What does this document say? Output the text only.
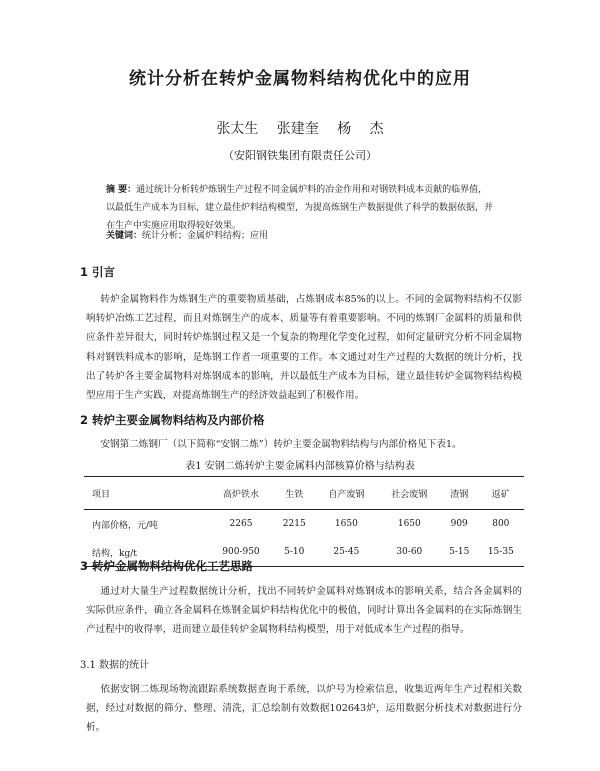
统计分析在转炉金属物料结构优化中的应用
张太生 张建奎 杨 杰
（安阳钢铁集团有限责任公司）
摘 要：通过统计分析转炉炼钢生产过程不同金属炉料的冶金作用和对钢铁料成本贡献的临界值，以最低生产成本为目标，建立最佳炉料结构模型，为提高炼钢生产数据提供了科学的数据依据，并在生产中实施应用取得较好效果。
关键词：统计分析；金属炉料结构；应用
1 引言
转炉金属物料作为炼钢生产的重要物质基础，占炼钢成本85%的以上。不同的金属物料结构不仅影响转炉冶炼工艺过程，而且对炼钢生产的成本、质量等有着重要影响。不同的炼钢厂金属料的质量和供应条件差异很大，同时转炉炼钢过程又是一个复杂的物理化学变化过程，如何定量研究分析不同金属物料对钢铁料成本的影响，是炼钢工作者一项重要的工作。本文通过对生产过程的大数据的统计分析，找出了转炉各主要金属物料对炼钢成本的影响，并以最低生产成本为目标，建立最佳转炉金属物料结构模型应用于生产实践，对提高炼钢生产的经济效益起到了积极作用。
2 转炉主要金属物料结构及内部价格
安钢第二炼钢厂（以下简称“安钢二炼”）转炉主要金属物料结构与内部价格见下表1。
表1 安钢二炼转炉主要金属料内部核算价格与结构表
项目	高炉铁水	生铁	自产废钢	社会废钢	渣钢	返矿
内部价格，元/吨	2265	2215	1650	1650	909	800
结构，kg/t	900-950	5-10	25-45	30-60	5-15	15-35
3 转炉金属物料结构优化工艺思路
通过对大量生产过程数据统计分析，找出不同转炉金属料对炼钢成本的影响关系，结合各金属料的实际供应条件，确立各金属料在炼钢金属炉料结构优化中的极值，同时计算出各金属料的在实际炼钢生产过程中的收得率，进而建立最佳转炉金属物料结构模型，用于对低成本生产过程的指导。
3.1 数据的统计
依据安钢二炼现场物流跟踪系统数据查询于系统，以炉号为检索信息，收集近两年生产过程相关数据，经过对数据的筛分、整理、清洗，汇总绘制有效数据102643炉，运用数据分析技术对数据进行分析。
